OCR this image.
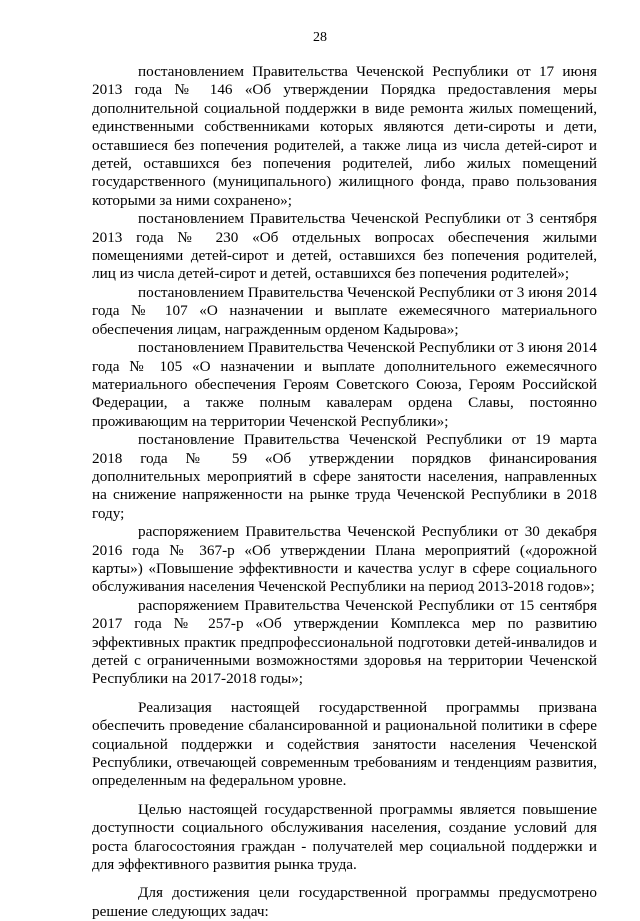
28

постановлением Правительства Чеченской Республики от 17 июня 2013 года № 146 «Об утверждении Порядка предоставления меры дополнительной социальной поддержки в виде ремонта жилых помещений, единственными собственниками которых являются дети-сироты и дети, оставшиеся без попечения родителей, а также лица из числа детей-сирот и детей, оставшихся без попечения родителей, либо жилых помещений государственного (муниципального) жилищного фонда, право пользования которыми за ними сохранено»;

постановлением Правительства Чеченской Республики от 3 сентября 2013 года № 230 «Об отдельных вопросах обеспечения жилыми помещениями детей-сирот и детей, оставшихся без попечения родителей, лиц из числа детей-сирот и детей, оставшихся без попечения родителей»;

постановлением Правительства Чеченской Республики от 3 июня 2014 года № 107 «О назначении и выплате ежемесячного материального обеспечения лицам, награжденным орденом Кадырова»;

постановлением Правительства Чеченской Республики от 3 июня 2014 года № 105 «О назначении и выплате дополнительного ежемесячного материального обеспечения Героям Советского Союза, Героям Российской Федерации, а также полным кавалерам ордена Славы, постоянно проживающим на территории Чеченской Республики»;

постановление Правительства Чеченской Республики от 19 марта 2018 года № 59 «Об утверждении порядков финансирования дополнительных мероприятий в сфере занятости населения, направленных на снижение напряженности на рынке труда Чеченской Республики в 2018 году;

распоряжением Правительства Чеченской Республики от 30 декабря 2016 года № 367-р «Об утверждении Плана мероприятий («дорожной карты») «Повышение эффективности и качества услуг в сфере социального обслуживания населения Чеченской Республики на период 2013-2018 годов»;

распоряжением Правительства Чеченской Республики от 15 сентября 2017 года № 257-р «Об утверждении Комплекса мер по развитию эффективных практик предпрофессиональной подготовки детей-инвалидов и детей с ограниченными возможностями здоровья на территории Чеченской Республики на 2017-2018 годы»;

Реализация настоящей государственной программы призвана обеспечить проведение сбалансированной и рациональной политики в сфере социальной поддержки и содействия занятости населения Чеченской Республики, отвечающей современным требованиям и тенденциям развития, определенным на федеральном уровне.

Целью настоящей государственной программы является повышение доступности социального обслуживания населения, создание условий для роста благосостояния граждан - получателей мер социальной поддержки и для эффективного развития рынка труда.

Для достижения цели государственной программы предусмотрено решение следующих задач:
